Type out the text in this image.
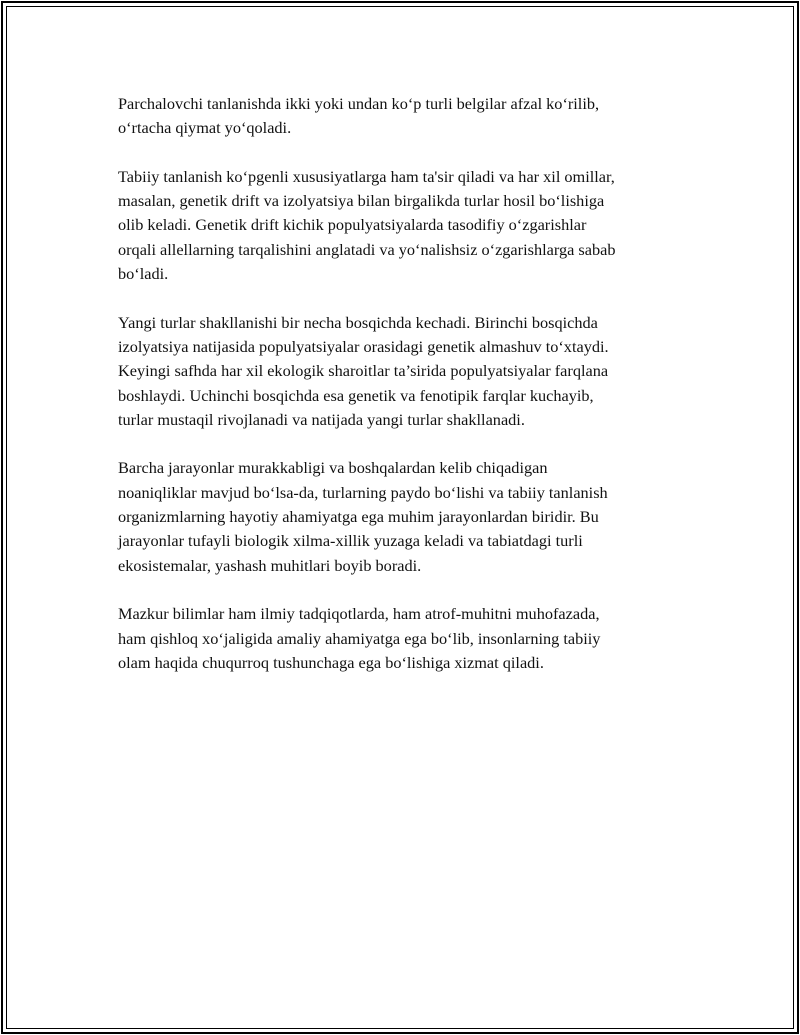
Parchalovchi tanlanishda ikki yoki undan ko‘p turli belgilar afzal ko‘rilib,
o‘rtacha qiymat yo‘qoladi.

Tabiiy tanlanish ko‘pgenli xususiyatlarga ham ta'sir qiladi va har xil omillar,
masalan, genetik drift va izolyatsiya bilan birgalikda turlar hosil bo‘lishiga
olib keladi. Genetik drift kichik populyatsiyalarda tasodifiy o‘zgarishlar
orqali allellarning tarqalishini anglatadi va yo‘nalishsiz o‘zgarishlarga sabab
bo‘ladi.

Yangi turlar shakllanishi bir necha bosqichda kechadi. Birinchi bosqichda
izolyatsiya natijasida populyatsiyalar orasidagi genetik almashuv to‘xtaydi.
Keyingi safhda har xil ekologik sharoitlar ta’sirida populyatsiyalar farqlana
boshlaydi. Uchinchi bosqichda esa genetik va fenotipik farqlar kuchayib,
turlar mustaqil rivojlanadi va natijada yangi turlar shakllanadi.

Barcha jarayonlar murakkabligi va boshqalardan kelib chiqadigan
noaniqliklar mavjud bo‘lsa-da, turlarning paydo bo‘lishi va tabiiy tanlanish
organizmlarning hayotiy ahamiyatga ega muhim jarayonlardan biridir. Bu
jarayonlar tufayli biologik xilma-xillik yuzaga keladi va tabiatdagi turli
ekosistemalar, yashash muhitlari boyib boradi.

Mazkur bilimlar ham ilmiy tadqiqotlarda, ham atrof-muhitni muhofazada,
ham qishloq xo‘jaligida amaliy ahamiyatga ega bo‘lib, insonlarning tabiiy
olam haqida chuqurroq tushunchaga ega bo‘lishiga xizmat qiladi.
